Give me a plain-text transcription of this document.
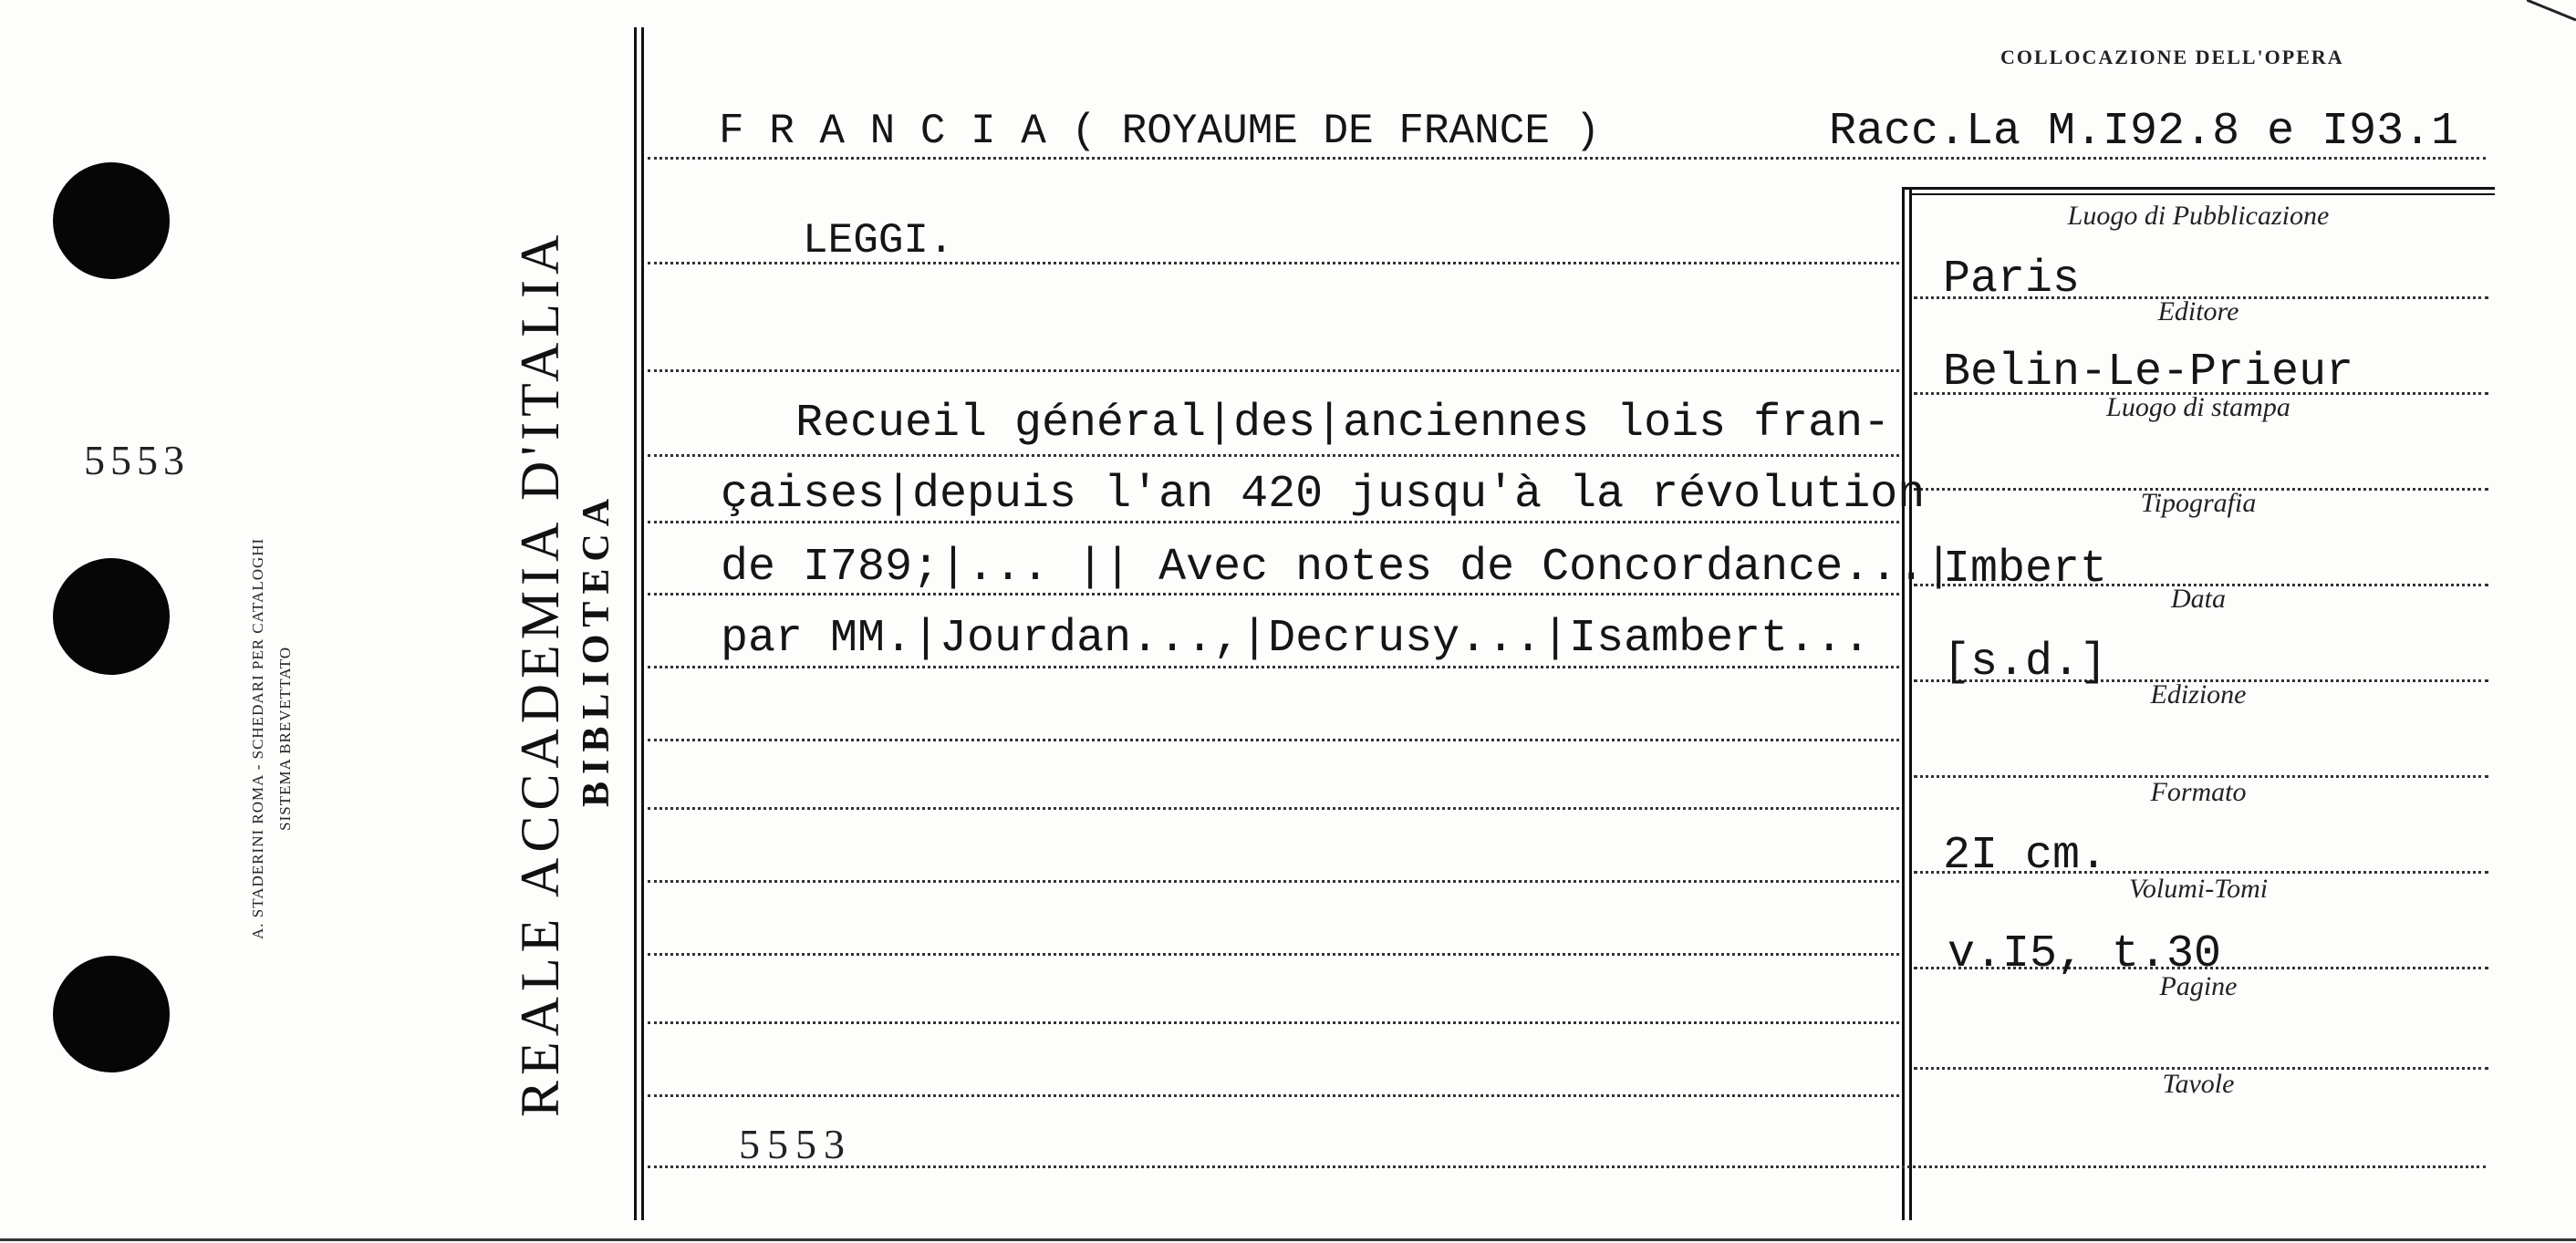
5553
A. STADERINI ROMA - SCHEDARI PER CATALOGHI SISTEMA BREVETTATO	REALE ACCADEMIA D'ITALIA BIBLIOTECA
COLLOCAZIONE DELL'OPERA
F R A N C I A ( ROYAUME DE FRANCE )	Racc.La M.I92.8 e I93.1
LEGGI.
Recueil général|des|anciennes lois fran-
çaises|depuis l'an 420 jusqu'à la révolution
de I789;|... || Avec notes de Concordance...|
par MM.|Jourdan...,|Decrusy...|Isambert...
Luogo di Pubblicazione
Paris
Editore
Belin-Le-Prieur
Luogo di stampa
Tipografia
Imbert
Data
[s.d.]
Edizione
Formato
2I cm.
Volumi-Tomi
v.I5, t.30
Pagine
Tavole
5553
